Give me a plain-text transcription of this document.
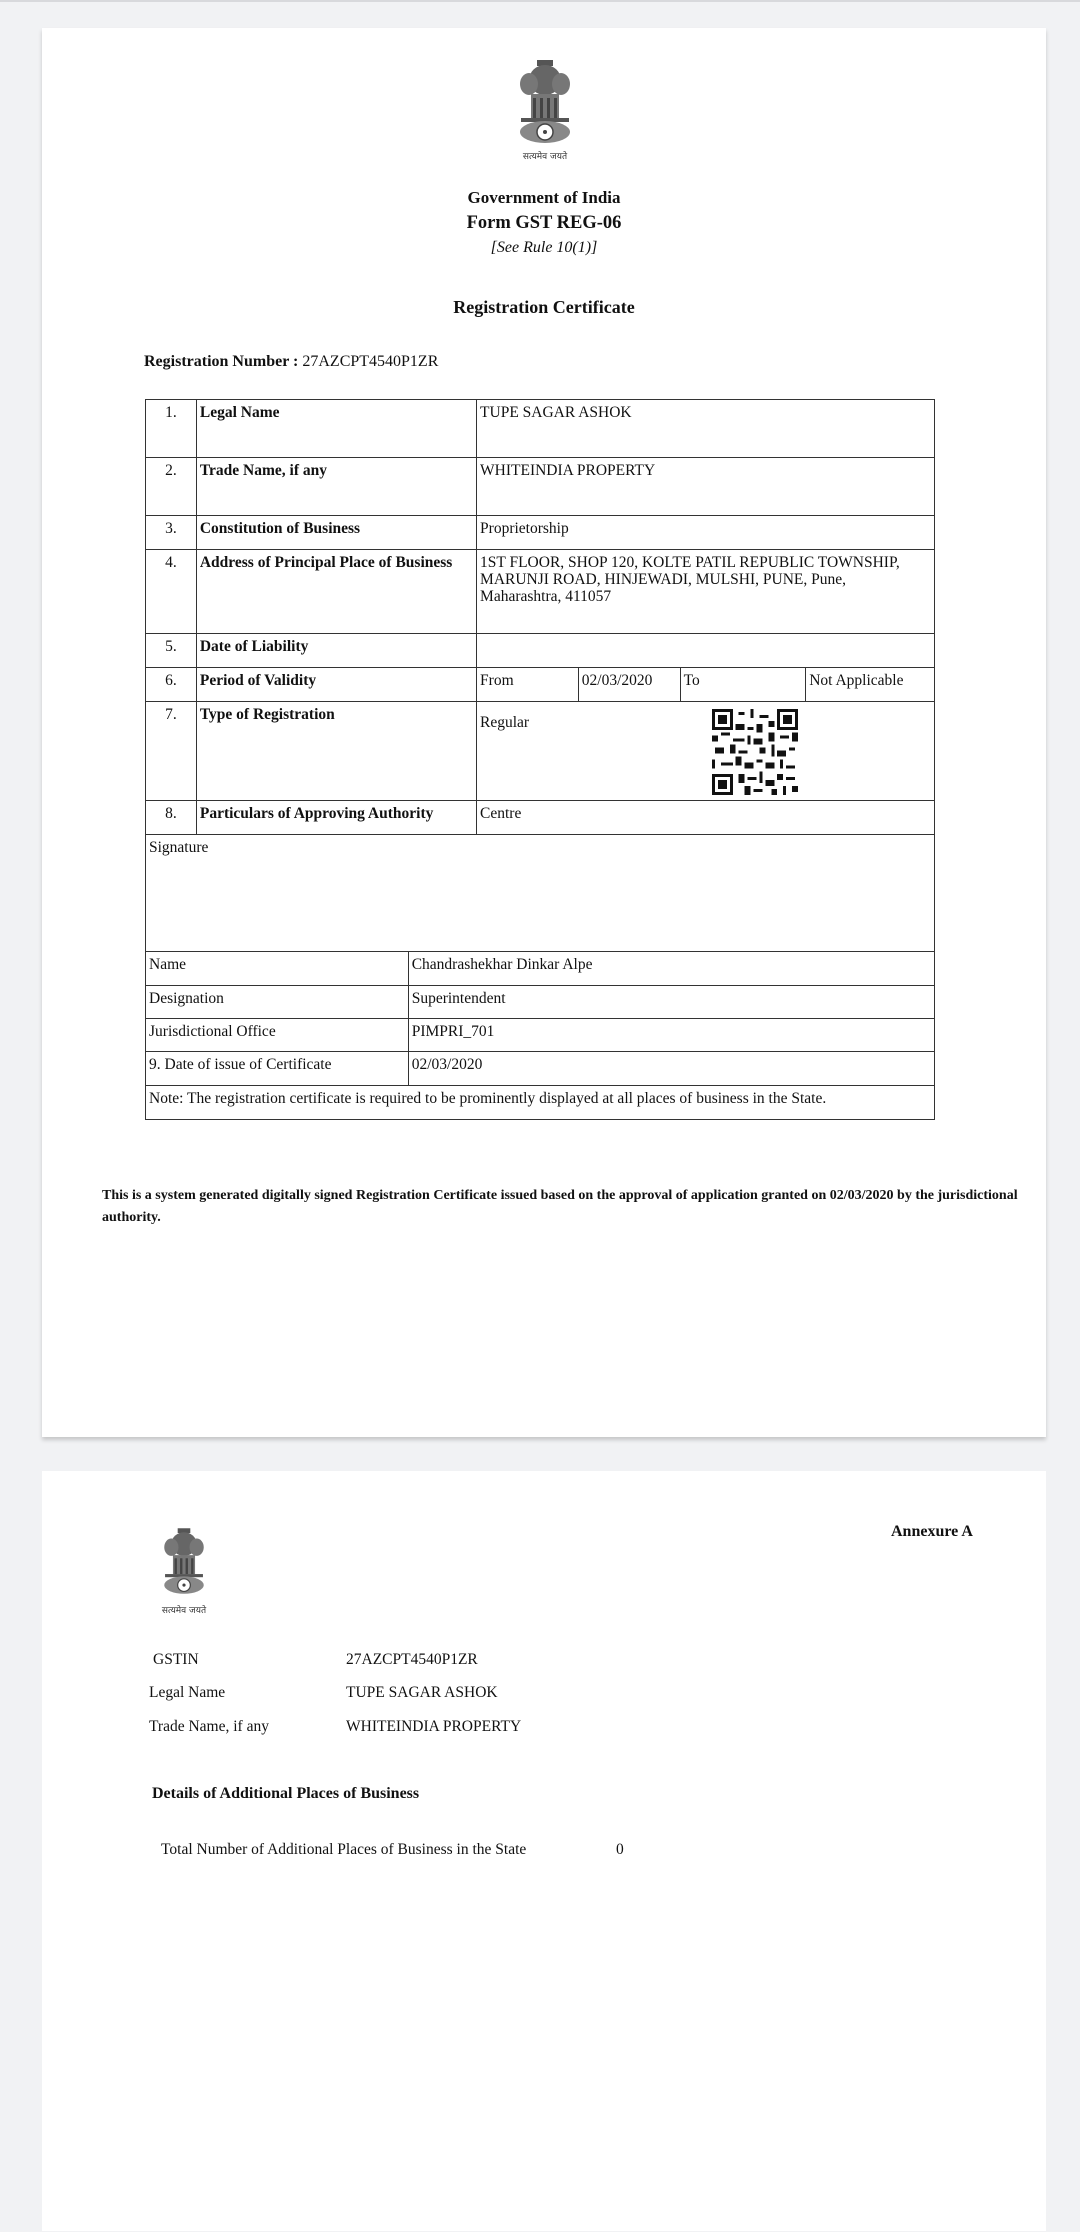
सत्यमेव जयते
Government of India
Form GST REG-06
[See Rule 10(1)]
Registration Certificate
Registration Number : 27AZCPT4540P1ZR
1.	Legal Name	TUPE SAGAR ASHOK			
2.	Trade Name, if any	WHITEINDIA PROPERTY			
3.	Constitution of Business	Proprietorship			
4.	Address of Principal Place of Business	1ST FLOOR, SHOP 120, KOLTE PATIL REPUBLIC TOWNSHIP, MARUNJI ROAD, HINJEWADI, MULSHI, PUNE, Pune, Maharashtra, 411057			
5.	Date of Liability				
6.	Period of Validity	From	02/03/2020	To	Not Applicable
7.	Type of Registration	Regular			
8.	Particulars of Approving Authority	Centre			
Signature					
Name	Chandrashekhar Dinkar Alpe
Designation	Superintendent
Jurisdictional Office	PIMPRI_701
9. Date of issue of Certificate	02/03/2020
Note: The registration certificate is required to be prominently displayed at all places of business in the State.	
This is a system generated digitally signed Registration Certificate issued based on the approval of application granted on 02/03/2020 by the jurisdictional authority.
सत्यमेव जयते
Annexure A
GSTIN	27AZCPT4540P1ZR
Legal Name	TUPE SAGAR ASHOK
Trade Name, if any	WHITEINDIA PROPERTY
Details of Additional Places of Business
Total Number of Additional Places of Business in the State	0
